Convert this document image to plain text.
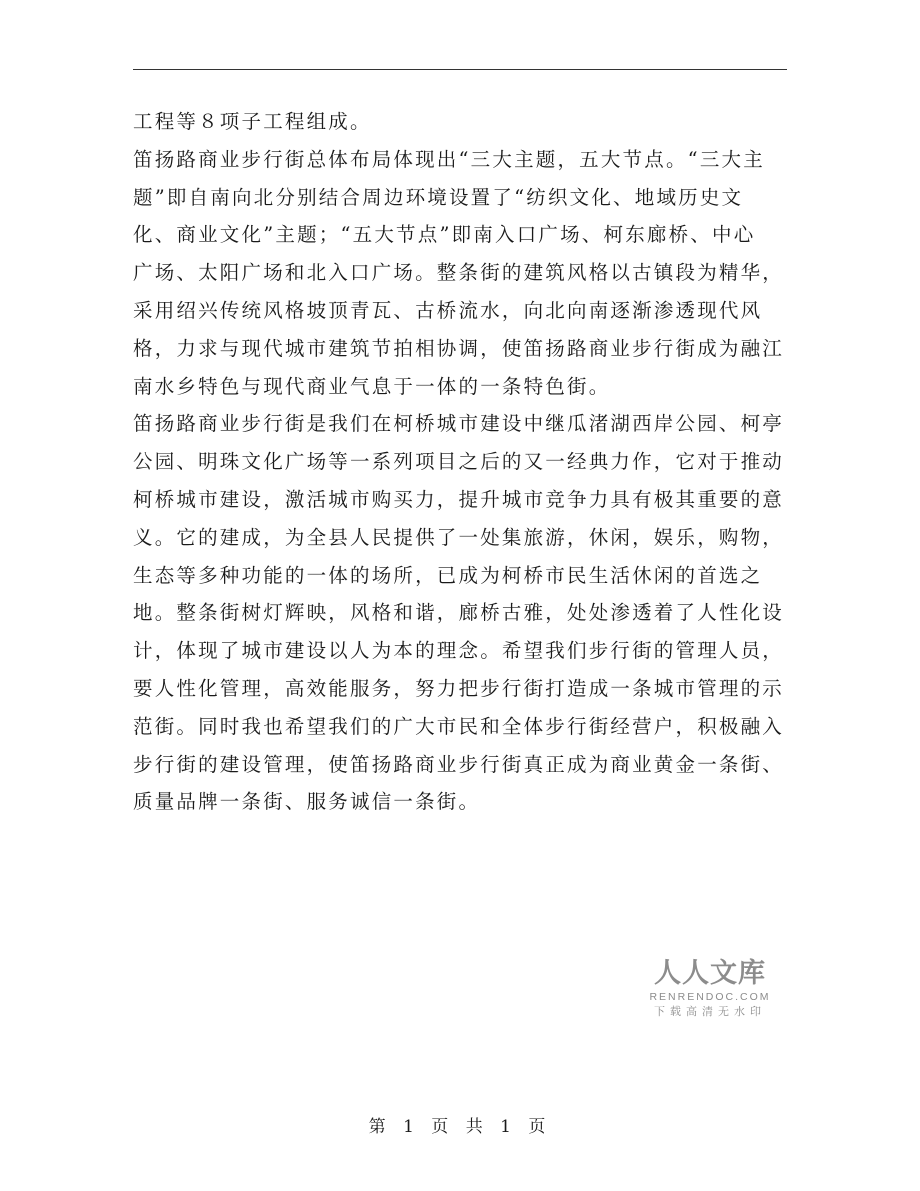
工程等８项子工程组成。
笛扬路商业步行街总体布局体现出“三大主题，五大节点。“三大主
题”即自南向北分别结合周边环境设置了“纺织文化、地域历史文
化、商业文化”主题；“五大节点”即南入口广场、柯东廊桥、中心
广场、太阳广场和北入口广场。整条街的建筑风格以古镇段为精华，
采用绍兴传统风格坡顶青瓦、古桥流水，向北向南逐渐渗透现代风
格，力求与现代城市建筑节拍相协调，使笛扬路商业步行街成为融江
南水乡特色与现代商业气息于一体的一条特色街。
笛扬路商业步行街是我们在柯桥城市建设中继瓜渚湖西岸公园、柯亭
公园、明珠文化广场等一系列项目之后的又一经典力作，它对于推动
柯桥城市建设，激活城市购买力，提升城市竞争力具有极其重要的意
义。它的建成，为全县人民提供了一处集旅游，休闲，娱乐，购物，
生态等多种功能的一体的场所，已成为柯桥市民生活休闲的首选之
地。整条街树灯辉映，风格和谐，廊桥古雅，处处渗透着了人性化设
计，体现了城市建设以人为本的理念。希望我们步行街的管理人员，
要人性化管理，高效能服务，努力把步行街打造成一条城市管理的示
范街。同时我也希望我们的广大市民和全体步行街经营户，积极融入
步行街的建设管理，使笛扬路商业步行街真正成为商业黄金一条街、
质量品牌一条街、服务诚信一条街。
人人文库
RENRENDOC.COM
下载高清无水印
第 1 页 共 1 页
